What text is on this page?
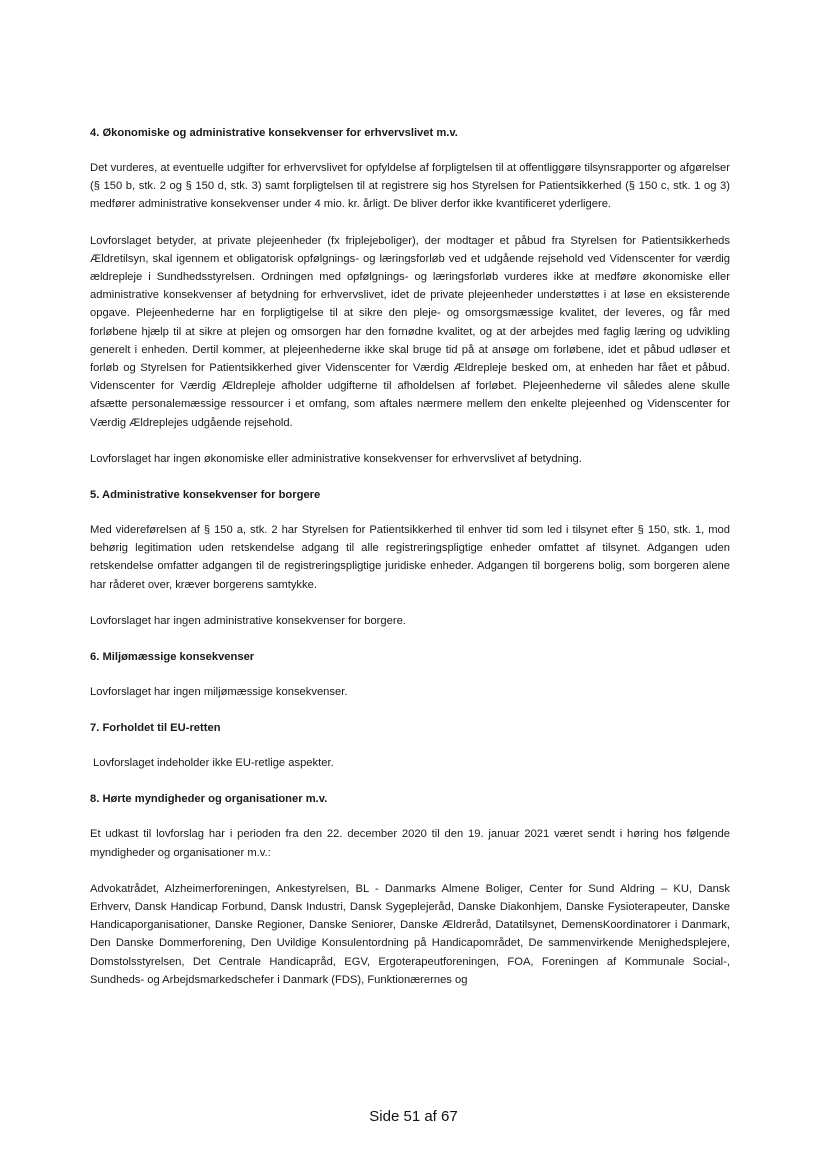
4. Økonomiske og administrative konsekvenser for erhvervslivet m.v.

Det vurderes, at eventuelle udgifter for erhvervslivet for opfyldelse af forpligtelsen til at offentliggøre tilsynsrapporter og afgørelser (§ 150 b, stk. 2 og § 150 d, stk. 3) samt forpligtelsen til at registrere sig hos Styrelsen for Patientsikkerhed (§ 150 c, stk. 1 og 3) medfører administrative konsekvenser under 4 mio. kr. årligt. De bliver derfor ikke kvantificeret yderligere.

Lovforslaget betyder, at private plejeenheder (fx friplejeboliger), der modtager et påbud fra Styrelsen for Patientsikkerheds Ældretilsyn, skal igennem et obligatorisk opfølgnings- og læringsforløb ved et udgående rejsehold ved Videnscenter for værdig ældrepleje i Sundhedsstyrelsen. Ordningen med opfølgnings- og læringsforløb vurderes ikke at medføre økonomiske eller administrative konsekvenser af betydning for erhvervslivet, idet de private plejeenheder understøttes i at løse en eksisterende opgave. Plejeenhederne har en forpligtigelse til at sikre den pleje- og omsorgsmæssige kvalitet, der leveres, og får med forløbene hjælp til at sikre at plejen og omsorgen har den fornødne kvalitet, og at der arbejdes med faglig læring og udvikling generelt i enheden. Dertil kommer, at plejeenhederne ikke skal bruge tid på at ansøge om forløbene, idet et påbud udløser et forløb og Styrelsen for Patientsikkerhed giver Videnscenter for Værdig Ældrepleje besked om, at enheden har fået et påbud. Videnscenter for Værdig Ældrepleje afholder udgifterne til afholdelsen af forløbet. Plejeenhederne vil således alene skulle afsætte personalemæssige ressourcer i et omfang, som aftales nærmere mellem den enkelte plejeenhed og Videnscenter for Værdig Ældreplejes udgående rejsehold.

Lovforslaget har ingen økonomiske eller administrative konsekvenser for erhvervslivet af betydning.

5. Administrative konsekvenser for borgere

Med videreførelsen af § 150 a, stk. 2 har Styrelsen for Patientsikkerhed til enhver tid som led i tilsynet efter § 150, stk. 1, mod behørig legitimation uden retskendelse adgang til alle registreringspligtige enheder omfattet af tilsynet. Adgangen uden retskendelse omfatter adgangen til de registreringspligtige juridiske enheder. Adgangen til borgerens bolig, som borgeren alene har råderet over, kræver borgerens samtykke.

Lovforslaget har ingen administrative konsekvenser for borgere.

6. Miljømæssige konsekvenser

Lovforslaget har ingen miljømæssige konsekvenser.

7. Forholdet til EU-retten

Lovforslaget indeholder ikke EU-retlige aspekter.

8. Hørte myndigheder og organisationer m.v.

Et udkast til lovforslag har i perioden fra den 22. december 2020 til den 19. januar 2021 været sendt i høring hos følgende myndigheder og organisationer m.v.:

Advokatrådet, Alzheimerforeningen, Ankestyrelsen, BL - Danmarks Almene Boliger, Center for Sund Aldring – KU, Dansk Erhverv, Dansk Handicap Forbund, Dansk Industri, Dansk Sygeplejeråd, Danske Diakonhjem, Danske Fysioterapeuter, Danske Handicaporganisationer, Danske Regioner, Danske Seniorer, Danske Ældreråd, Datatilsynet, DemensKoordinatorer i Danmark, Den Danske Dommerforening, Den Uvildige Konsulentordning på Handicapområdet, De sammenvirkende Menighedsplejere, Domstolsstyrelsen, Det Centrale Handicapråd, EGV, Ergoterapeutforeningen, FOA, Foreningen af Kommunale Social-, Sundheds- og Arbejdsmarkedschefer i Danmark (FDS), Funktionærernes og

Side 51 af 67
